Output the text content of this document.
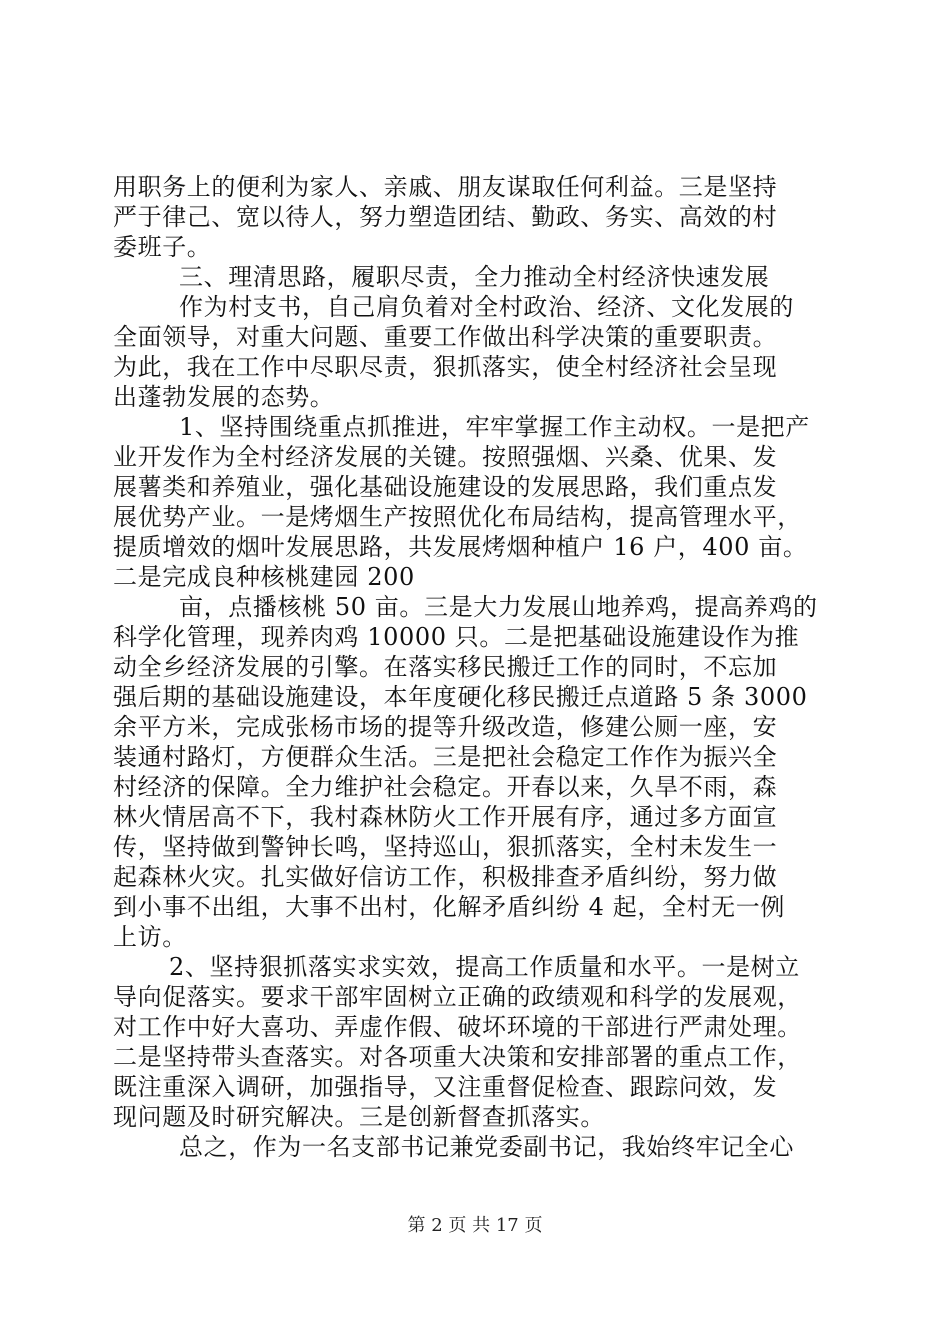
用职务上的便利为家人、亲戚、朋友谋取任何利益。三是坚持
严于律己、宽以待人，努力塑造团结、勤政、务实、高效的村
委班子。
三、理清思路，履职尽责，全力推动全村经济快速发展
作为村支书，自己肩负着对全村政治、经济、文化发展的
全面领导，对重大问题、重要工作做出科学决策的重要职责。
为此，我在工作中尽职尽责，狠抓落实，使全村经济社会呈现
出蓬勃发展的态势。
1、坚持围绕重点抓推进，牢牢掌握工作主动权。一是把产
业开发作为全村经济发展的关键。按照强烟、兴桑、优果、发
展薯类和养殖业，强化基础设施建设的发展思路，我们重点发
展优势产业。一是烤烟生产按照优化布局结构，提高管理水平，
提质增效的烟叶发展思路，共发展烤烟种植户 16 户，400 亩。
二是完成良种核桃建园 200
亩，点播核桃 50 亩。三是大力发展山地养鸡，提高养鸡的
科学化管理，现养肉鸡 10000 只。二是把基础设施建设作为推
动全乡经济发展的引擎。在落实移民搬迁工作的同时，不忘加
强后期的基础设施建设，本年度硬化移民搬迁点道路 5 条 3000
余平方米，完成张杨市场的提等升级改造，修建公厕一座，安
装通村路灯，方便群众生活。三是把社会稳定工作作为振兴全
村经济的保障。全力维护社会稳定。开春以来，久旱不雨，森
林火情居高不下，我村森林防火工作开展有序，通过多方面宣
传，坚持做到警钟长鸣，坚持巡山，狠抓落实，全村未发生一
起森林火灾。扎实做好信访工作，积极排查矛盾纠纷，努力做
到小事不出组，大事不出村，化解矛盾纠纷 4 起，全村无一例
上访。
2、坚持狠抓落实求实效，提高工作质量和水平。一是树立
导向促落实。要求干部牢固树立正确的政绩观和科学的发展观，
对工作中好大喜功、弄虚作假、破坏环境的干部进行严肃处理。
二是坚持带头查落实。对各项重大决策和安排部署的重点工作，
既注重深入调研，加强指导，又注重督促检查、跟踪问效，发
现问题及时研究解决。三是创新督查抓落实。
总之，作为一名支部书记兼党委副书记，我始终牢记全心
第 2 页 共 17 页
